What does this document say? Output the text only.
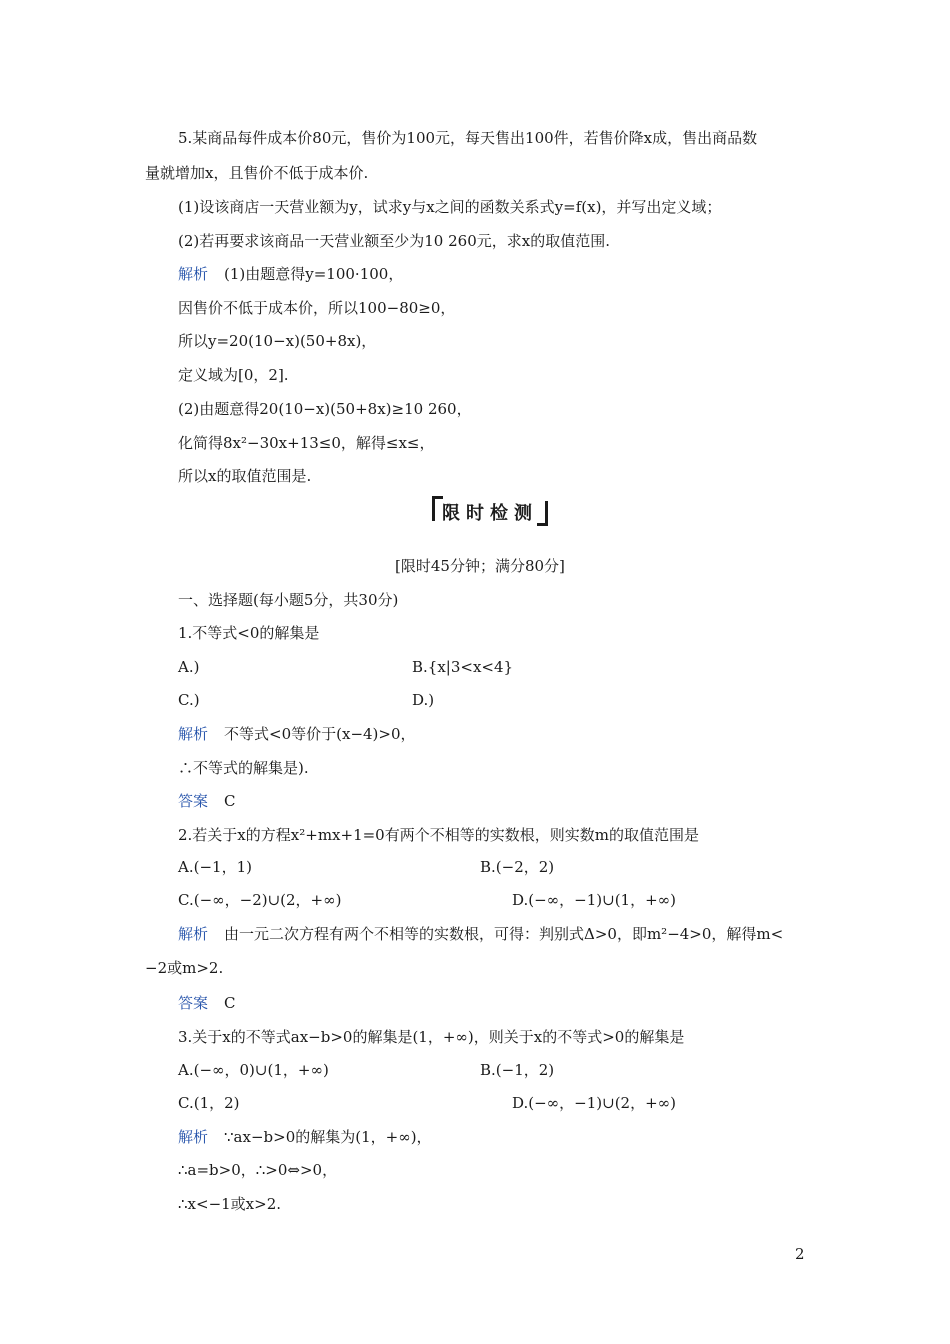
5.某商品每件成本价80元，售价为100元，每天售出100件，若售价降x成，售出商品数
量就增加x，且售价不低于成本价.
(1)设该商店一天营业额为y，试求y与x之间的函数关系式y=f(x)，并写出定义域；
(2)若再要求该商品一天营业额至少为10 260元，求x的取值范围.
解析 (1)由题意得y=100·100，
因售价不低于成本价，所以100−80≥0，
所以y=20(10−x)(50+8x)，
定义域为[0，2].
(2)由题意得20(10−x)(50+8x)≥10 260，
化简得8x²−30x+13≤0，解得≤x≤，
所以x的取值范围是.
限时检测
[限时45分钟；满分80分]
一、选择题(每小题5分，共30分)
1.不等式<0的解集是
A.)	B.{x|3<x<4}
C.)	D.)
解析 不等式<0等价于(x−4)>0，
∴不等式的解集是).
答案 C
2.若关于x的方程x²+mx+1=0有两个不相等的实数根，则实数m的取值范围是
A.(−1，1)	B.(−2，2)
C.(−∞，−2)∪(2，+∞)	D.(−∞，−1)∪(1，+∞)
解析 由一元二次方程有两个不相等的实数根，可得：判别式Δ>0，即m²−4>0，解得m<
−2或m>2.
答案 C
3.关于x的不等式ax−b>0的解集是(1，+∞)，则关于x的不等式>0的解集是
A.(−∞，0)∪(1，+∞)	B.(−1，2)
C.(1，2)	D.(−∞，−1)∪(2，+∞)
解析 ∵ax−b>0的解集为(1，+∞)，
∴a=b>0，∴>0⇔>0，
∴x<−1或x>2.
2
